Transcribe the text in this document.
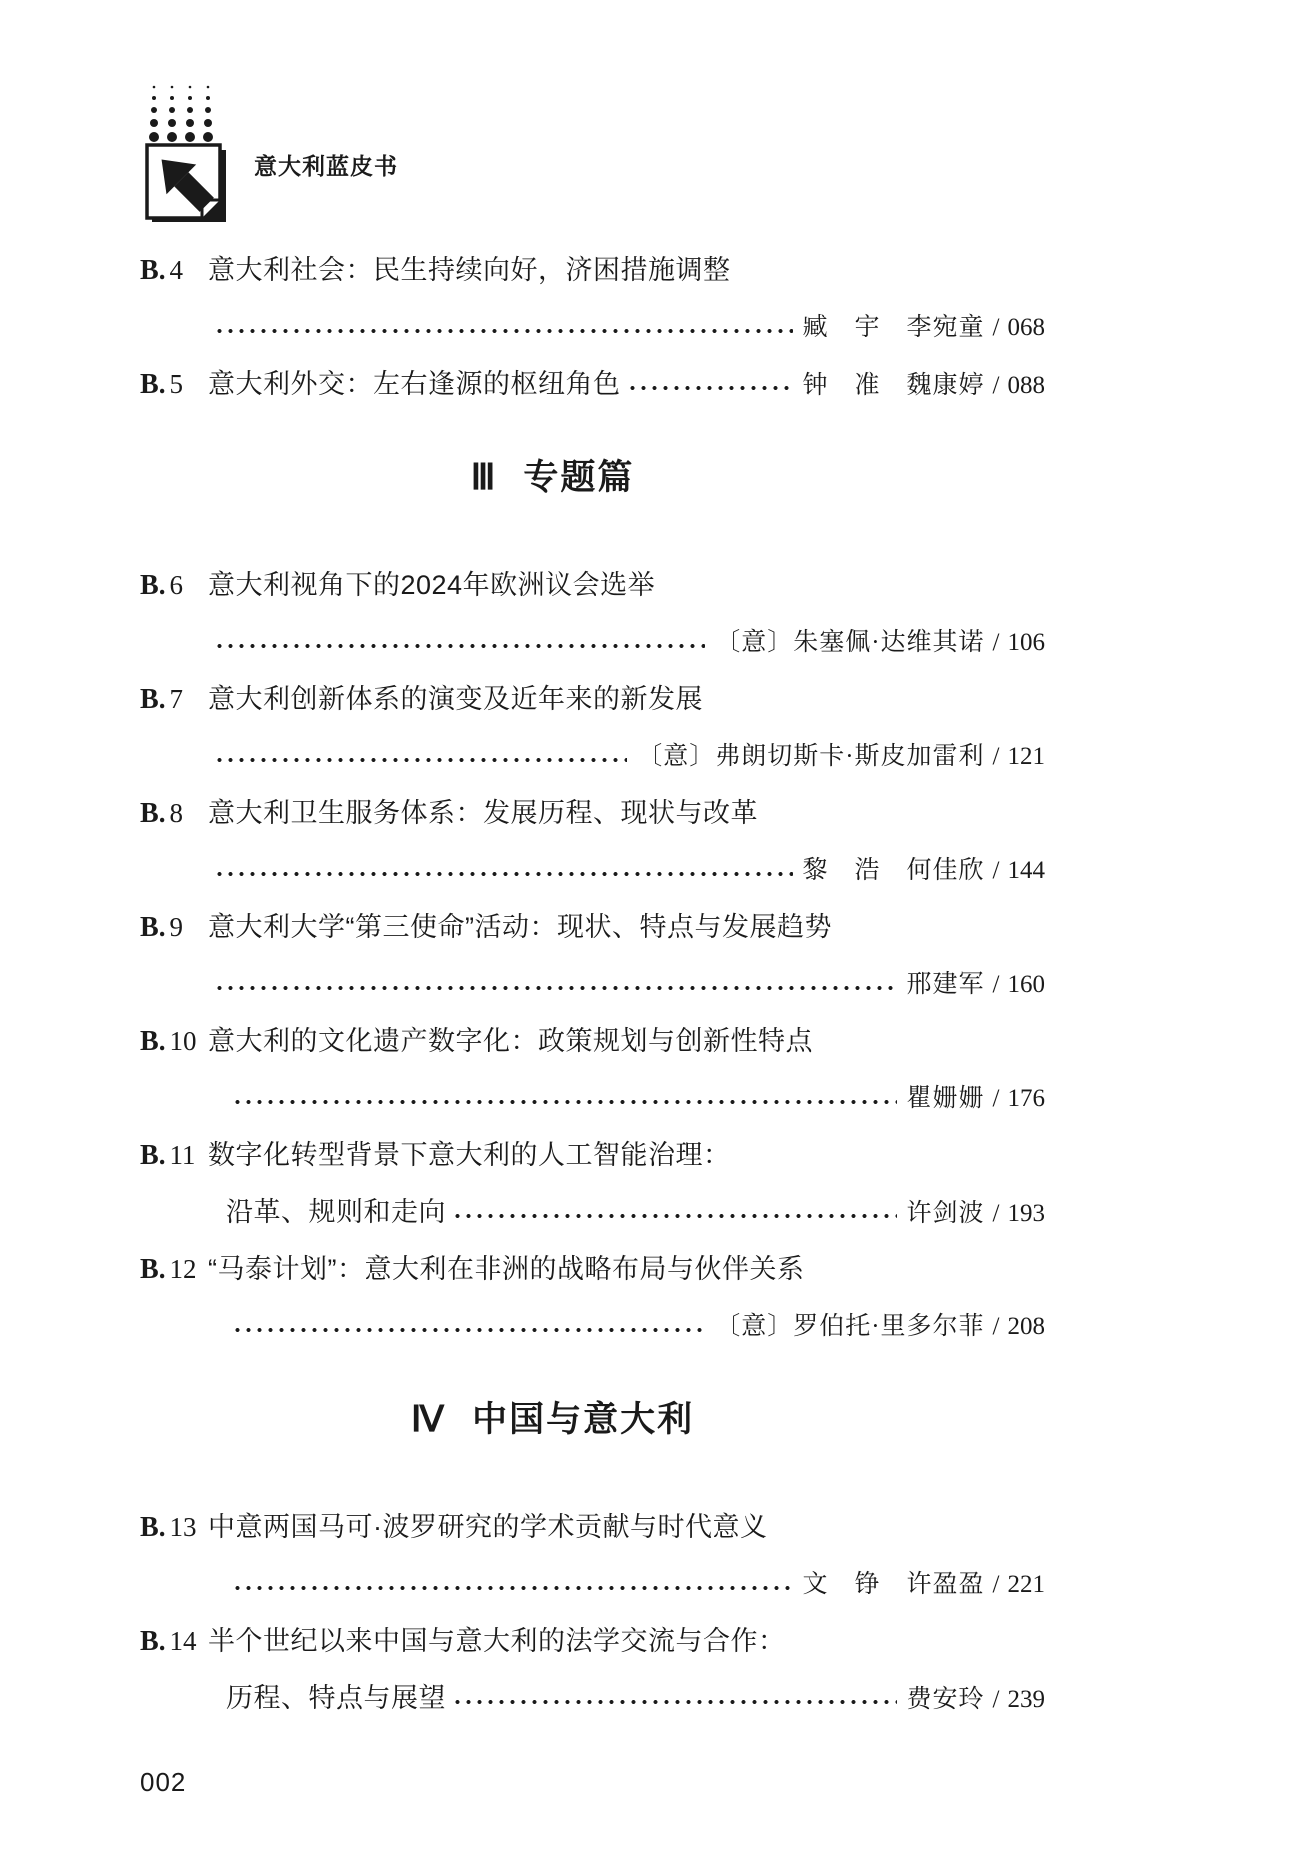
意大利蓝皮书
B. 4 意大利社会：民生持续向好，济困措施调整
臧　宇　李宛童 / 068
B. 5 意大利外交：左右逢源的枢纽角色	钟　准　魏康婷 / 088
Ⅲ 专题篇
B. 6 意大利视角下的2024年欧洲议会选举
〔意〕朱塞佩·达维其诺 / 106
B. 7 意大利创新体系的演变及近年来的新发展
〔意〕弗朗切斯卡·斯皮加雷利 / 121
B. 8 意大利卫生服务体系：发展历程、现状与改革
黎　浩　何佳欣 / 144
B. 9 意大利大学“第三使命”活动：现状、特点与发展趋势
邢建军 / 160
B. 10 意大利的文化遗产数字化：政策规划与创新性特点
瞿姗姗 / 176
B. 11 数字化转型背景下意大利的人工智能治理：
沿革、规则和走向	许剑波 / 193
B. 12 “马泰计划”：意大利在非洲的战略布局与伙伴关系
〔意〕罗伯托·里多尔菲 / 208
Ⅳ 中国与意大利
B. 13 中意两国马可·波罗研究的学术贡献与时代意义
文　铮　许盈盈 / 221
B. 14 半个世纪以来中国与意大利的法学交流与合作：
历程、特点与展望	费安玲 / 239
002
